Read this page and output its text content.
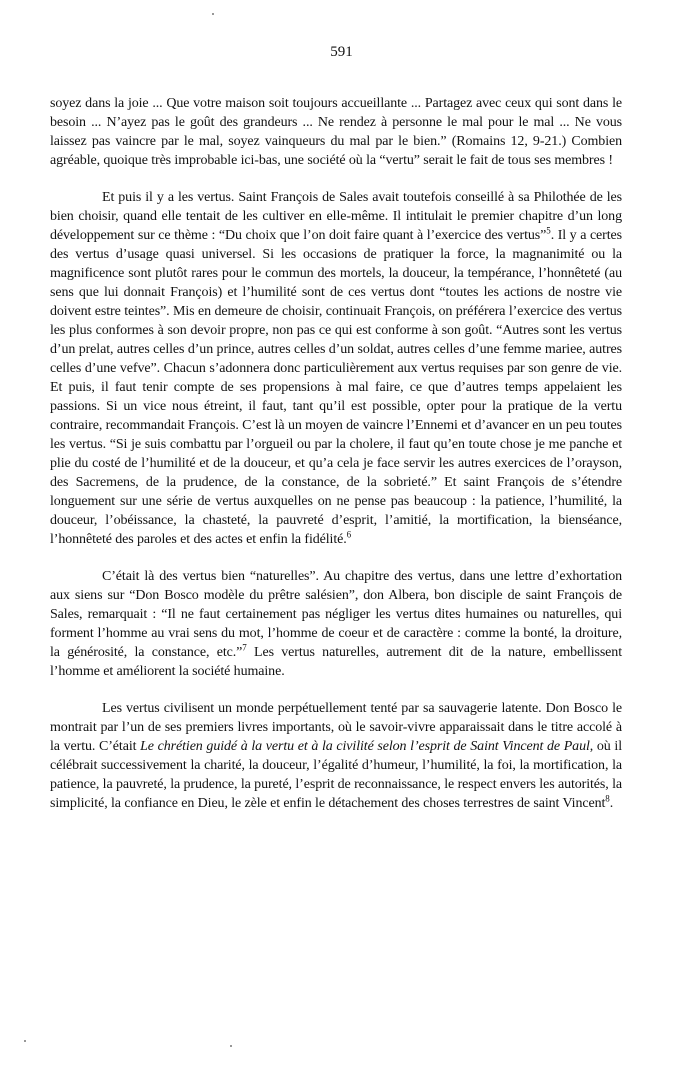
591

soyez dans la joie ... Que votre maison soit toujours accueillante ... Partagez avec ceux qui sont dans le besoin ... N’ayez pas le goût des grandeurs ... Ne rendez à personne le mal pour le mal ... Ne vous laissez pas vaincre par le mal, soyez vainqueurs du mal par le bien.” (Romains 12, 9-21.) Combien agréable, quoique très improbable ici-bas, une société où la “vertu” serait le fait de tous ses membres !

Et puis il y a les vertus. Saint François de Sales avait toutefois conseillé à sa Philothée de les bien choisir, quand elle tentait de les cultiver en elle-même. Il intitulait le premier chapitre d’un long développement sur ce thème : “Du choix que l’on doit faire quant à l’exercice des vertus”$^5$. Il y a certes des vertus d’usage quasi universel. Si les occasions de pratiquer la force, la magnanimité ou la magnificence sont plutôt rares pour le commun des mortels, la douceur, la tempérance, l’honnêteté (au sens que lui donnait François) et l’humilité sont de ces vertus dont “toutes les actions de nostre vie doivent estre teintes”. Mis en demeure de choisir, continuait François, on préférera l’exercice des vertus les plus conformes à son devoir propre, non pas ce qui est conforme à son goût. “Autres sont les vertus d’un prelat, autres celles d’un prince, autres celles d’un soldat, autres celles d’une femme mariee, autres celles d’une vefve”. Chacun s’adonnera donc particulièrement aux vertus requises par son genre de vie. Et puis, il faut tenir compte de ses propensions à mal faire, ce que d’autres temps appelaient les passions. Si un vice nous étreint, il faut, tant qu’il est possible, opter pour la pratique de la vertu contraire, recommandait François. C’est là un moyen de vaincre l’Ennemi et d’avancer en un peu toutes les vertus. “Si je suis combattu par l’orgueil ou par la cholere, il faut qu’en toute chose je me panche et plie du costé de l’humilité et de la douceur, et qu’a cela je face servir les autres exercices de l’orayson, des Sacremens, de la prudence, de la constance, de la sobrieté.” Et saint François de s’étendre longuement sur une série de vertus auxquelles on ne pense pas beaucoup : la patience, l’humilité, la douceur, l’obéissance, la chasteté, la pauvreté d’esprit, l’amitié, la mortification, la bienséance, l’honnêteté des paroles et des actes et enfin la fidélité.$^6$

C’était là des vertus bien “naturelles”. Au chapitre des vertus, dans une lettre d’exhortation aux siens sur “Don Bosco modèle du prêtre salésien”, don Albera, bon disciple de saint François de Sales, remarquait : “Il ne faut certainement pas négliger les vertus dites humaines ou naturelles, qui forment l’homme au vrai sens du mot, l’homme de coeur et de caractère : comme la bonté, la droiture, la générosité, la constance, etc.”$^7$ Les vertus naturelles, autrement dit de la nature, embellissent l’homme et améliorent la société humaine.

Les vertus civilisent un monde perpétuellement tenté par sa sauvagerie latente. Don Bosco le montrait par l’un de ses premiers livres importants, où le savoir-vivre apparaissait dans le titre accolé à la vertu. C’était Le chrétien guidé à la vertu et à la civilité selon l’esprit de Saint Vincent de Paul, où il célébrait successivement la charité, la douceur, l’égalité d’humeur, l’humilité, la foi, la mortification, la patience, la pauvreté, la prudence, la pureté, l’esprit de reconnaissance, le respect envers les autorités, la simplicité, la confiance en Dieu, le zèle et enfin le détachement des choses terrestres de saint Vincent$^8$.
